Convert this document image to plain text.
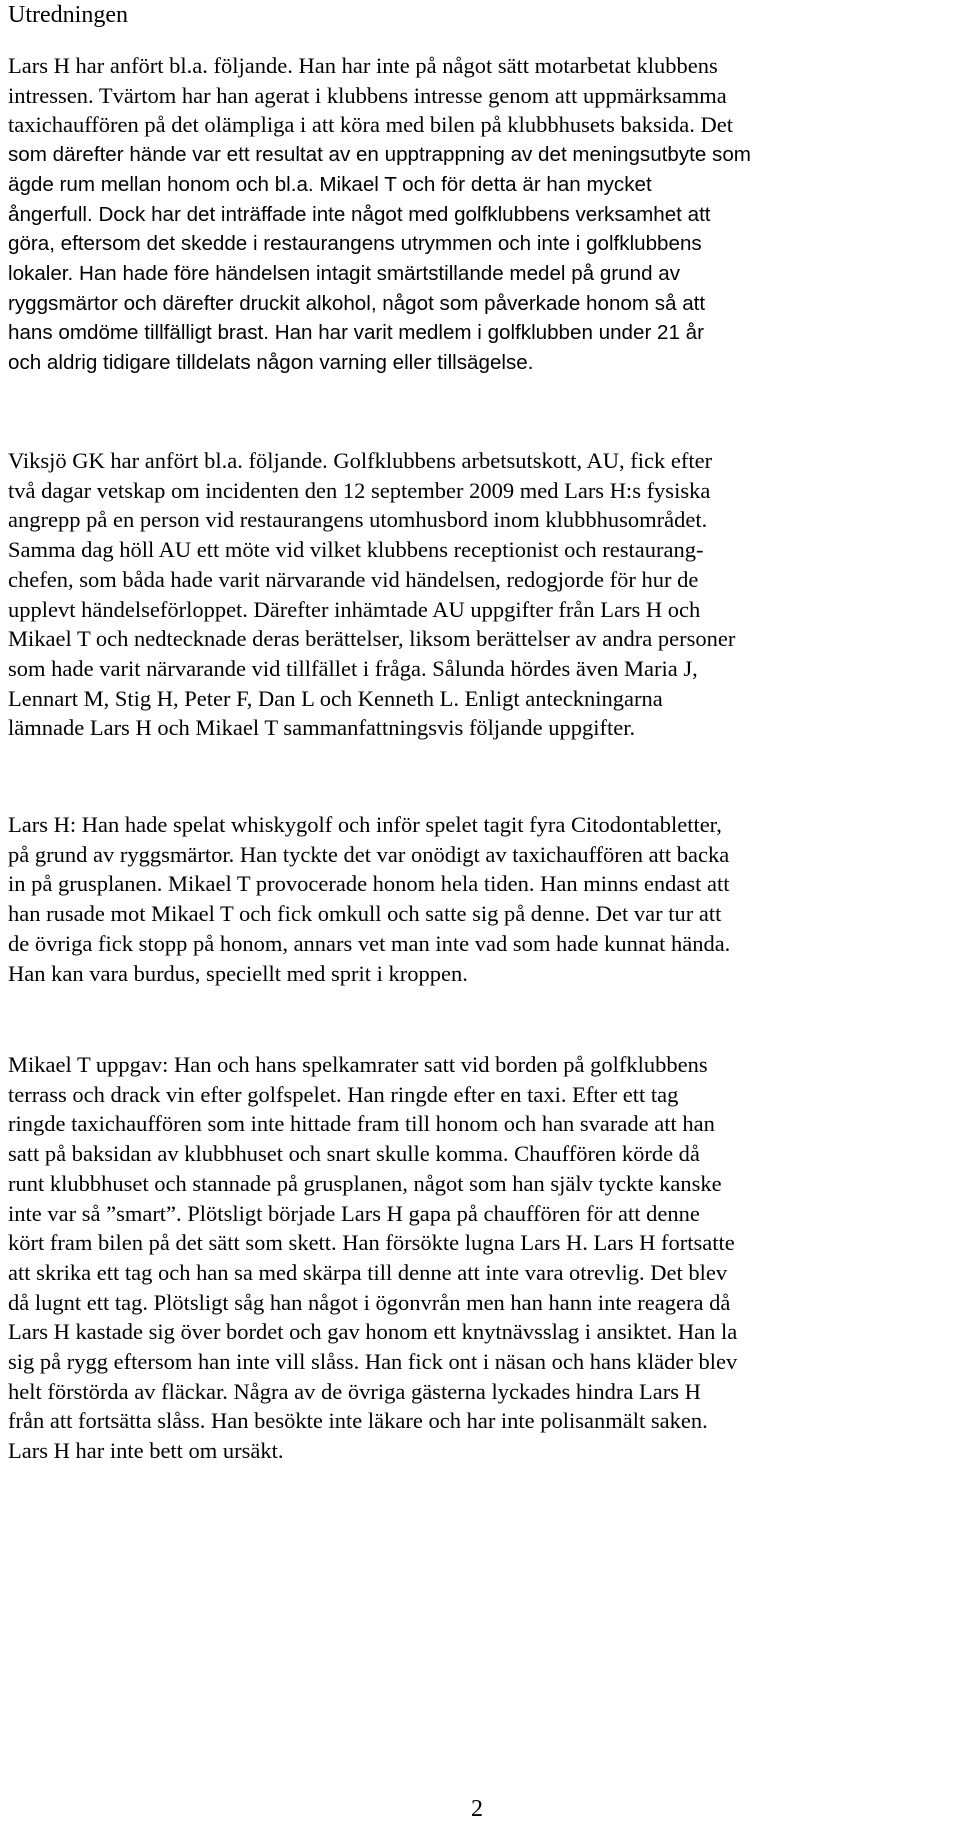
Utredningen

Lars H har anfört bl.a. följande. Han har inte på något sätt motarbetat klubbens
intressen. Tvärtom har han agerat i klubbens intresse genom att uppmärksamma
taxichauffören på det olämpliga i att köra med bilen på klubbhusets baksida. Det
som därefter hände var ett resultat av en upptrappning av det meningsutbyte som
ägde rum mellan honom och bl.a. Mikael T och för detta är han mycket
ångerfull. Dock har det inträffade inte något med golfklubbens verksamhet att
göra, eftersom det skedde i restaurangens utrymmen och inte i golfklubbens
lokaler. Han hade före händelsen intagit smärtstillande medel på grund av
ryggsmärtor och därefter druckit alkohol, något som påverkade honom så att
hans omdöme tillfälligt brast. Han har varit medlem i golfklubben under 21 år
och aldrig tidigare tilldelats någon varning eller tillsägelse.

Viksjö GK har anfört bl.a. följande. Golfklubbens arbetsutskott, AU, fick efter
två dagar vetskap om incidenten den 12 september 2009 med Lars H:s fysiska
angrepp på en person vid restaurangens utomhusbord inom klubbhusområdet.
Samma dag höll AU ett möte vid vilket klubbens receptionist och restaurang-
chefen, som båda hade varit närvarande vid händelsen, redogjorde för hur de
upplevt händelseförloppet. Därefter inhämtade AU uppgifter från Lars H och
Mikael T och nedtecknade deras berättelser, liksom berättelser av andra personer
som hade varit närvarande vid tillfället i fråga. Sålunda hördes även Maria J,
Lennart M, Stig H, Peter F, Dan L och Kenneth L. Enligt anteckningarna
lämnade Lars H och Mikael T sammanfattningsvis följande uppgifter.

Lars H: Han hade spelat whiskygolf och inför spelet tagit fyra Citodontabletter,
på grund av ryggsmärtor. Han tyckte det var onödigt av taxichauffören att backa
in på grusplanen. Mikael T provocerade honom hela tiden. Han minns endast att
han rusade mot Mikael T och fick omkull och satte sig på denne. Det var tur att
de övriga fick stopp på honom, annars vet man inte vad som hade kunnat hända.
Han kan vara burdus, speciellt med sprit i kroppen.

Mikael T uppgav: Han och hans spelkamrater satt vid borden på golfklubbens
terrass och drack vin efter golfspelet. Han ringde efter en taxi. Efter ett tag
ringde taxichauffören som inte hittade fram till honom och han svarade att han
satt på baksidan av klubbhuset och snart skulle komma. Chauffören körde då
runt klubbhuset och stannade på grusplanen, något som han själv tyckte kanske
inte var så ”smart”. Plötsligt började Lars H gapa på chauffören för att denne
kört fram bilen på det sätt som skett. Han försökte lugna Lars H. Lars H fortsatte
att skrika ett tag och han sa med skärpa till denne att inte vara otrevlig. Det blev
då lugnt ett tag. Plötsligt såg han något i ögonvrån men han hann inte reagera då
Lars H kastade sig över bordet och gav honom ett knytnävsslag i ansiktet. Han la
sig på rygg eftersom han inte vill slåss. Han fick ont i näsan och hans kläder blev
helt förstörda av fläckar. Några av de övriga gästerna lyckades hindra Lars H
från att fortsätta slåss. Han besökte inte läkare och har inte polisanmält saken.
Lars H har inte bett om ursäkt.

2
